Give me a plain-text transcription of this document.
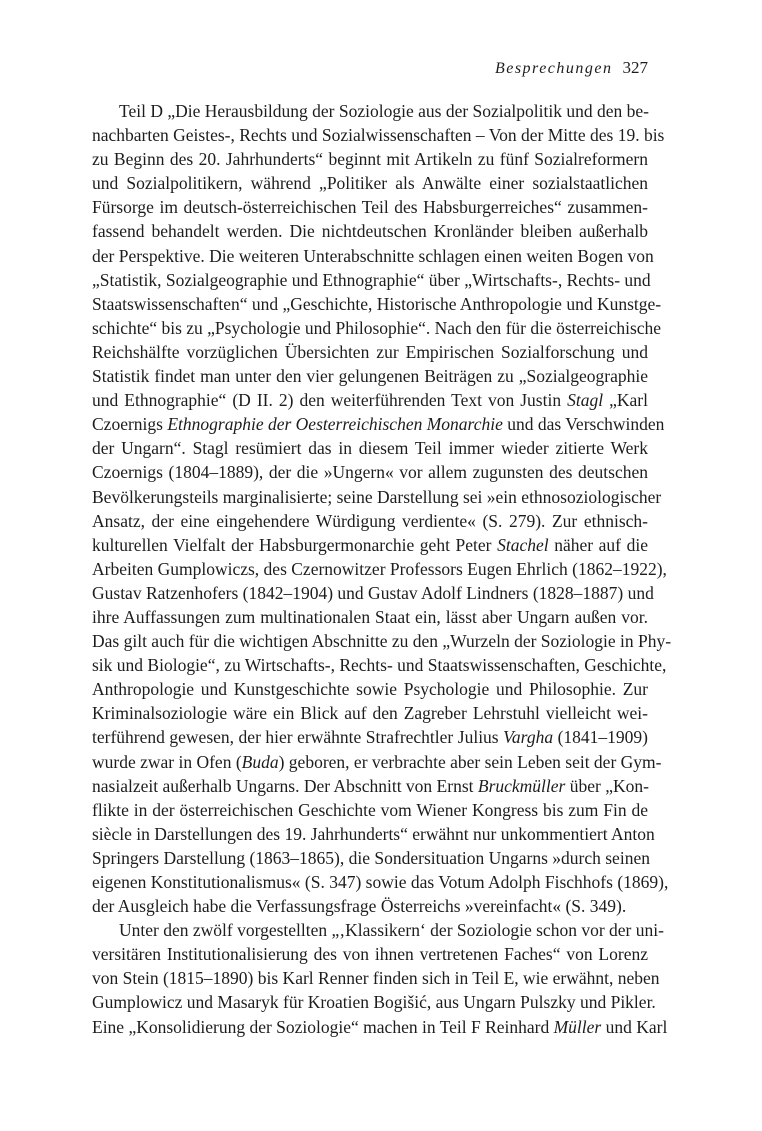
Besprechungen 327
Teil D „Die Herausbildung der Soziologie aus der Sozialpolitik und den be-
nachbarten Geistes-, Rechts und Sozialwissenschaften – Von der Mitte des 19. bis
zu Beginn des 20. Jahrhunderts“ beginnt mit Artikeln zu fünf Sozialreformern
und Sozialpolitikern, während „Politiker als Anwälte einer sozialstaatlichen
Fürsorge im deutsch-österreichischen Teil des Habsburgerreiches“ zusammen-
fassend behandelt werden. Die nichtdeutschen Kronländer bleiben außerhalb
der Perspektive. Die weiteren Unterabschnitte schlagen einen weiten Bogen von
„Statistik, Sozialgeographie und Ethnographie“ über „Wirtschafts-, Rechts- und
Staatswissenschaften“ und „Geschichte, Historische Anthropologie und Kunstge-
schichte“ bis zu „Psychologie und Philosophie“. Nach den für die österreichische
Reichshälfte vorzüglichen Übersichten zur Empirischen Sozialforschung und
Statistik findet man unter den vier gelungenen Beiträgen zu „Sozialgeographie
und Ethnographie“ (D II. 2) den weiterführenden Text von Justin Stagl „Karl
Czoernigs Ethnographie der Oesterreichischen Monarchie und das Verschwinden
der Ungarn“. Stagl resümiert das in diesem Teil immer wieder zitierte Werk
Czoernigs (1804–1889), der die »Ungern« vor allem zugunsten des deutschen
Bevölkerungsteils marginalisierte; seine Darstellung sei »ein ethnosoziologischer
Ansatz, der eine eingehendere Würdigung verdiente« (S. 279). Zur ethnisch-
kulturellen Vielfalt der Habsburgermonarchie geht Peter Stachel näher auf die
Arbeiten Gumplowiczs, des Czernowitzer Professors Eugen Ehrlich (1862–1922),
Gustav Ratzenhofers (1842–1904) und Gustav Adolf Lindners (1828–1887) und
ihre Auffassungen zum multinationalen Staat ein, lässt aber Ungarn außen vor.
Das gilt auch für die wichtigen Abschnitte zu den „Wurzeln der Soziologie in Phy-
sik und Biologie“, zu Wirtschafts-, Rechts- und Staatswissenschaften, Geschichte,
Anthropologie und Kunstgeschichte sowie Psychologie und Philosophie. Zur
Kriminalsoziologie wäre ein Blick auf den Zagreber Lehrstuhl vielleicht wei-
terführend gewesen, der hier erwähnte Strafrechtler Julius Vargha (1841–1909)
wurde zwar in Ofen (Buda) geboren, er verbrachte aber sein Leben seit der Gym-
nasialzeit außerhalb Ungarns. Der Abschnitt von Ernst Bruckmüller über „Kon-
flikte in der österreichischen Geschichte vom Wiener Kongress bis zum Fin de
siècle in Darstellungen des 19. Jahrhunderts“ erwähnt nur unkommentiert Anton
Springers Darstellung (1863–1865), die Sondersituation Ungarns »durch seinen
eigenen Konstitutionalismus« (S. 347) sowie das Votum Adolph Fischhofs (1869),
der Ausgleich habe die Verfassungsfrage Österreichs »vereinfacht« (S. 349).
Unter den zwölf vorgestellten „‚Klassikern‘ der Soziologie schon vor der uni-
versitären Institutionalisierung des von ihnen vertretenen Faches“ von Lorenz
von Stein (1815–1890) bis Karl Renner finden sich in Teil E, wie erwähnt, neben
Gumplowicz und Masaryk für Kroatien Bogišić, aus Ungarn Pulszky und Pikler.
Eine „Konsolidierung der Soziologie“ machen in Teil F Reinhard Müller und Karl
